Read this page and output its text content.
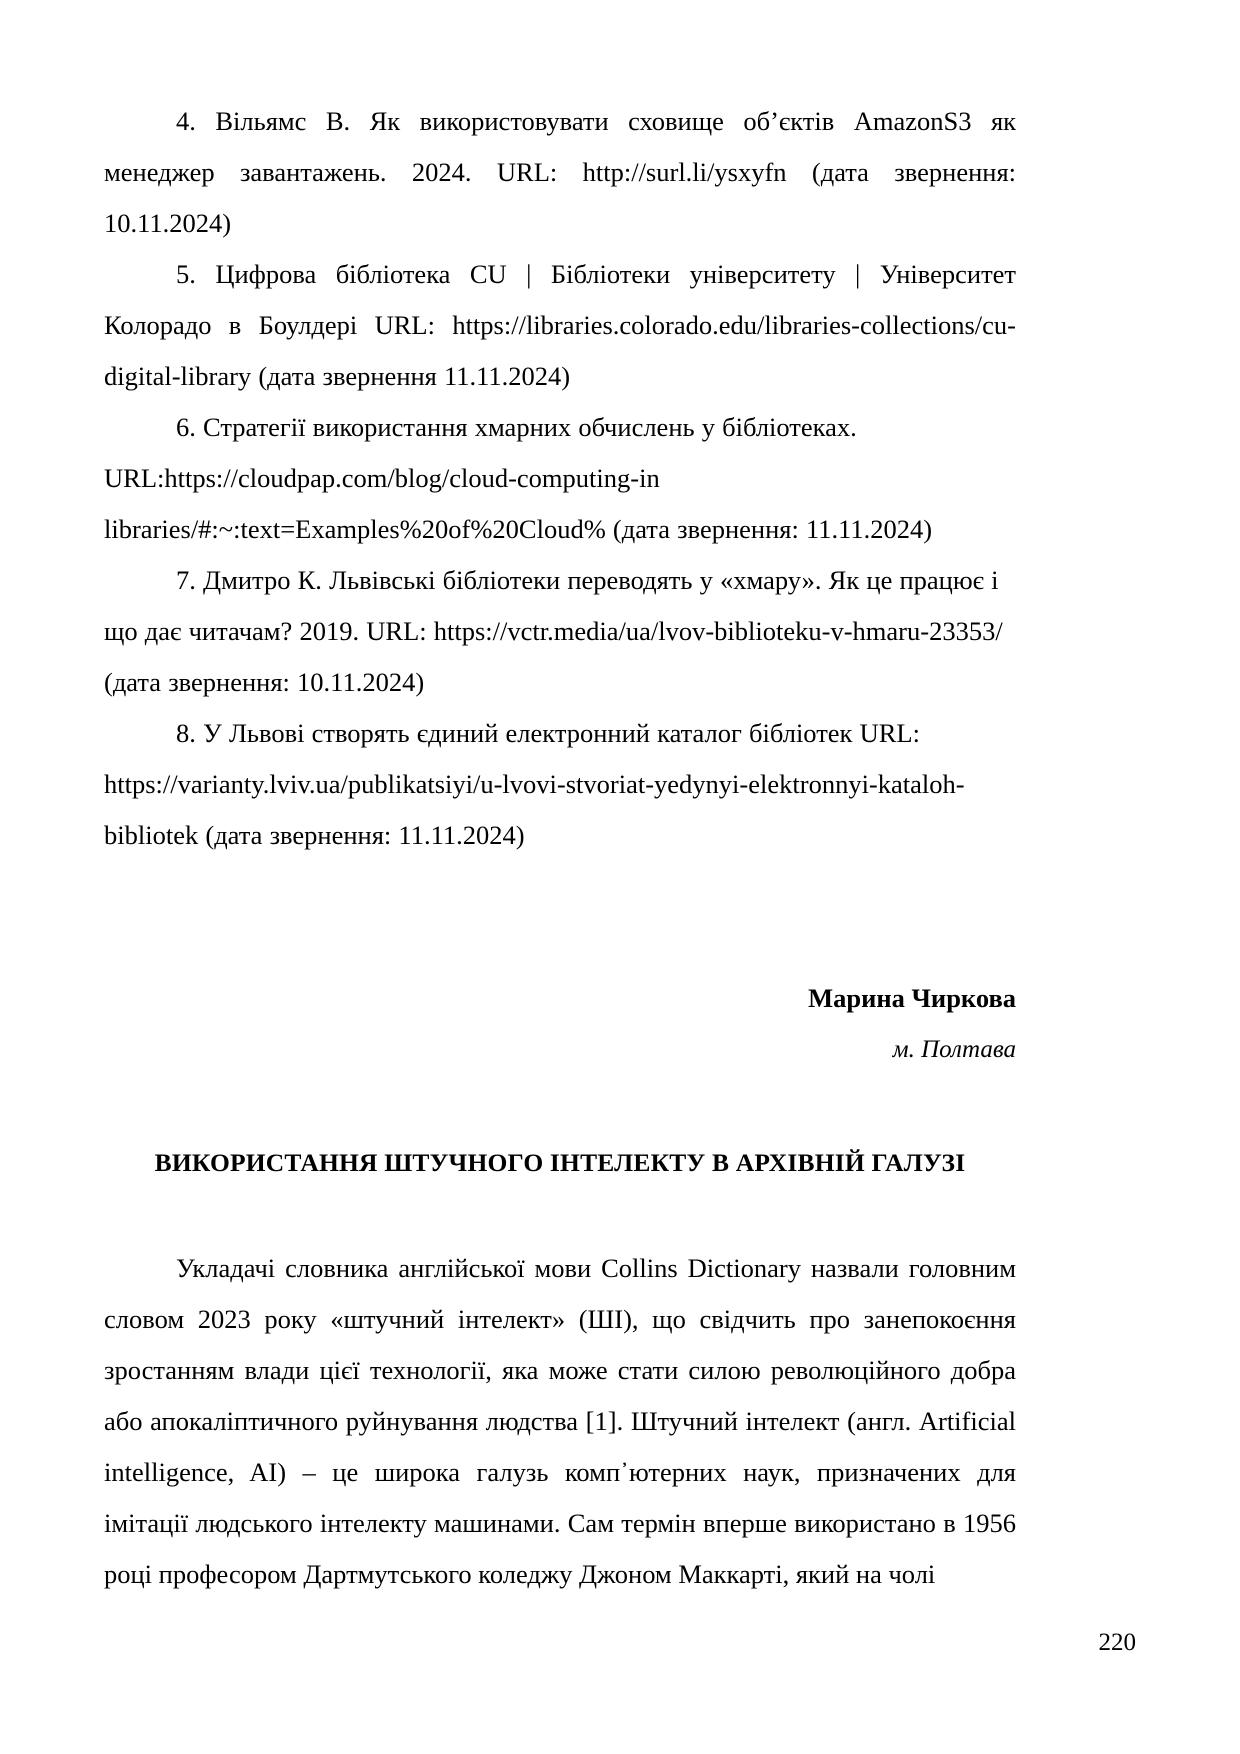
4. Вільямс В. Як використовувати сховище об’єктів AmazonS3 як менеджер завантажень. 2024. URL: http://surl.li/ysxyfn (дата звернення: 10.11.2024)

5. Цифрова бібліотека CU | Бібліотеки університету | Університет Колорадо в Боулдері URL: https://libraries.colorado.edu/libraries-collections/cu-digital-library (дата звернення 11.11.2024)

6. Стратегії використання хмарних обчислень у бібліотеках.

URL:https://cloudpap.com/blog/cloud-computing-in

libraries/#:~:text=Examples%20of%20Cloud% (дата звернення: 11.11.2024)

7. Дмитро К. Львівські бібліотеки переводять у «хмару». Як це працює і що дає читачам? 2019. URL: https://vctr.media/ua/lvov-biblioteku-v-hmaru-23353/ (дата звернення: 10.11.2024)

8. У Львові створять єдиний електронний каталог бібліотек URL:

https://varianty.lviv.ua/publikatsiyi/u-lvovi-stvoriat-yedynyi-elektronnyi-kataloh-

bibliotek (дата звернення: 11.11.2024)

Марина Чиркова
м. Полтава
ВИКОРИСТАННЯ ШТУЧНОГО ІНТЕЛЕКТУ В АРХІВНІЙ ГАЛУЗІ

Укладачі словника англійської мови Collins Dictionary назвали головним словом 2023 року «штучний інтелект» (ШІ), що свідчить про занепокоєння зростанням влади цієї технології, яка може стати силою революційного добра або апокаліптичного руйнування людства [1]. Штучний інтелект (англ. Artificial intelligence, AI) – це широка галузь комп᾿ютерних наук, призначених для імітації людського інтелекту машинами. Сам термін вперше використано в 1956 році професором Дартмутського коледжу Джоном Маккарті, який на чолі

220
